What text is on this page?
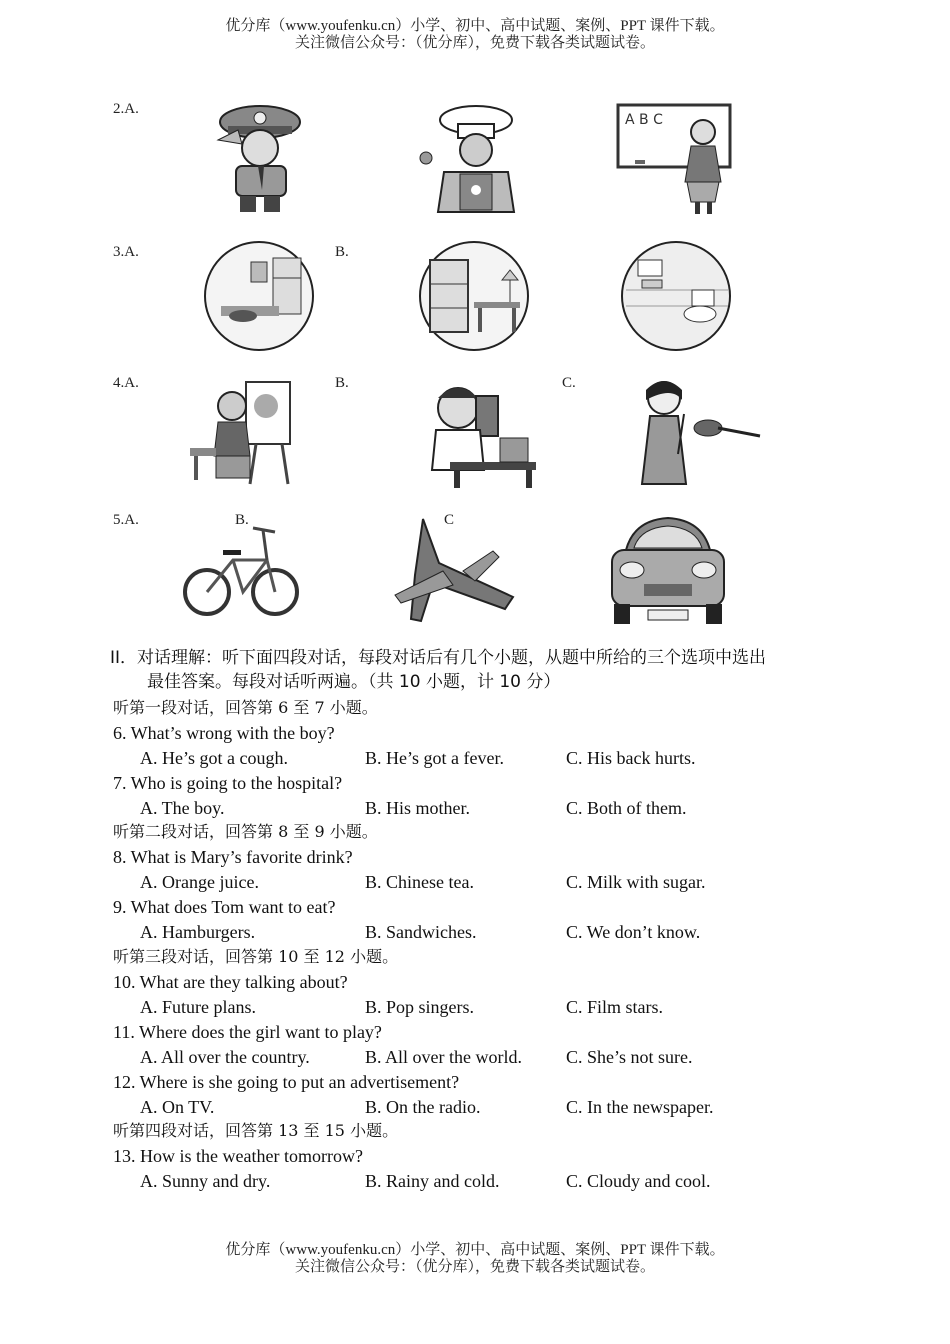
优分库（www.youfenku.cn）小学、初中、高中试题、案例、PPT 课件下载。
关注微信公众号：（优分库），免费下载各类试题试卷。
2.A.
A B C
3.A.	B.
4.A.	B.	C.
5.A.	B.	C
II．对话理解：听下面四段对话，每段对话后有几个小题，从题中所给的三个选项中选出
最佳答案。每段对话听两遍。（共 10 小题，计 10 分）
听第一段对话，回答第 6 至 7 小题。
6. What’s wrong with the boy?
A. He’s got a cough.	B. He’s got a fever.	C. His back hurts.
7. Who is going to the hospital?
A. The boy.	B. His mother.	C. Both of them.
听第二段对话，回答第 8 至 9 小题。
8. What is Mary’s favorite drink?
A. Orange juice.	B. Chinese tea.	C. Milk with sugar.
9. What does Tom want to eat?
A. Hamburgers.	B. Sandwiches.	C. We don’t know.
听第三段对话，回答第 10 至 12 小题。
10. What are they talking about?
A. Future plans.	B. Pop singers.	C. Film stars.
11. Where does the girl want to play?
A. All over the country.	B. All over the world. C. She’s not sure.
12. Where is she going to put an advertisement?
A. On TV.	B. On the radio.	C. In the newspaper.
听第四段对话，回答第 13 至 15 小题。
13. How is the weather tomorrow?
A. Sunny and dry.	B. Rainy and cold.	C. Cloudy and cool.
优分库（www.youfenku.cn）小学、初中、高中试题、案例、PPT 课件下载。
关注微信公众号：（优分库），免费下载各类试题试卷。
